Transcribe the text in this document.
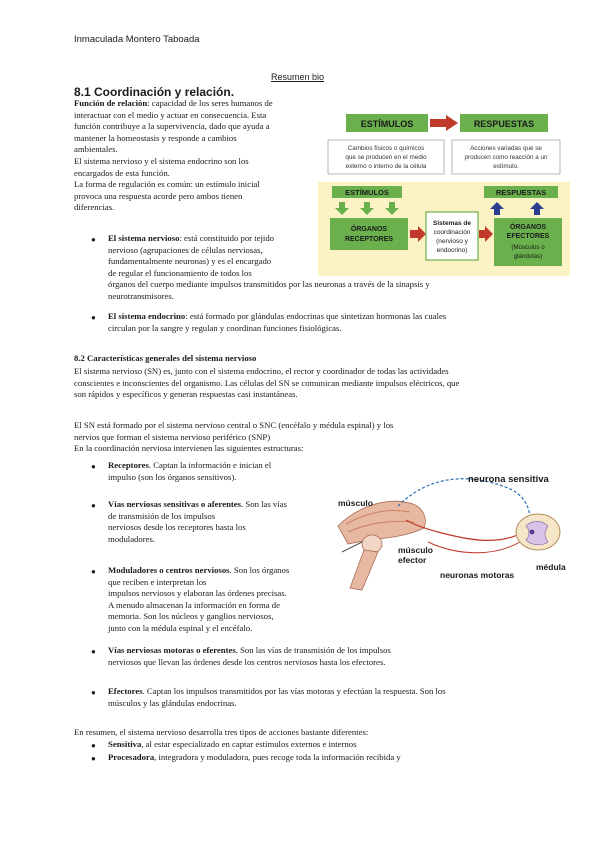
Inmaculada Montero Taboada
Resumen bio
8.1 Coordinación y relación.
Función de relación: capacidad de los seres humanos de
interactuar con el medio y actuar en consecuencia. Esta
función contribuye a la supervivencia, dado que ayuda a
mantener la homeostasis y responde a cambios
ambientales.
El sistema nervioso y el sistema endocrino son los
encargados de esta función.
La forma de regulación es común: un estímulo inicial
provoca una respuesta acorde pero ambos tienen
diferencias.
● El sistema nervioso: está constituido por tejido
nervioso (agrupaciones de células nerviosas,
fundamentalmente neuronas) y es el encargado
de regular el funcionamiento de todos los
órganos del cuerpo mediante impulsos transmitidos por las neuronas a través de la sinapsis y
neurotransmisores.
● El sistema endocrino: está formado por glándulas endocrinas que sintetizan hormonas las cuales
circulan por la sangre y regulan y coordinan funciones fisiológicas.
ESTÍMULOS	RESPUESTAS
Cambios físicos o químicos
que se producen en el medio
externo o interno de la célula
Acciones variadas que se
producen como reacción a un
estímulo.
ESTÍMULOS	RESPUESTAS
ÓRGANOS
RECEPTORES
Sistemas de
coordinación
(nervioso y
endocrino)
ÓRGANOS
EFECTORES
(Músculos o
glándulas)
8.2 Características generales del sistema nervioso
El sistema nervioso (SN) es, junto con el sistema endocrino, el rector y coordinador de todas las actividades
conscientes e inconscientes del organismo. Las células del SN se comunican mediante impulsos eléctricos, que
son rápidos y específicos y generan respuestas casi instantáneas.
El SN está formado por el sistema nervioso central o SNC (encéfalo y médula espinal) y los
nervios que forman el sistema nervioso periférico (SNP)
En la coordinación nerviosa intervienen las siguientes estructuras:
● Receptores. Captan la información e inician el
impulso (son los órganos sensitivos).
● Vías nerviosas sensitivas o aferentes. Son las vías
de transmisión de los impulsos
nerviosos desde los receptores hasta los
moduladores.
● Moduladores o centros nerviosos. Son los órganos
que reciben e interpretan los
impulsos nerviosos y elaboran las órdenes precisas.
A menudo almacenan la información en forma de
memoria. Son los núcleos y ganglios nerviosos,
junto con la médula espinal y el encéfalo.
● Vías nerviosas motoras o eferentes. Son las vías de transmisión de los impulsos
nerviosos que llevan las órdenes desde los centros nerviosos hasta los efectores.
● Efectores. Captan los impulsos transmitidos por las vías motoras y efectúan la respuesta. Son los
músculos y las glándulas endocrinas.
En resumen, el sistema nervioso desarrolla tres tipos de acciones bastante diferentes:
● Sensitiva, al estar especializado en captar estímulos externos e internos
● Procesadora, integradora y moduladora, pues recoge toda la información recibida y
neurona sensitiva
músculo
músculo
efector
neuronas motoras
médula
